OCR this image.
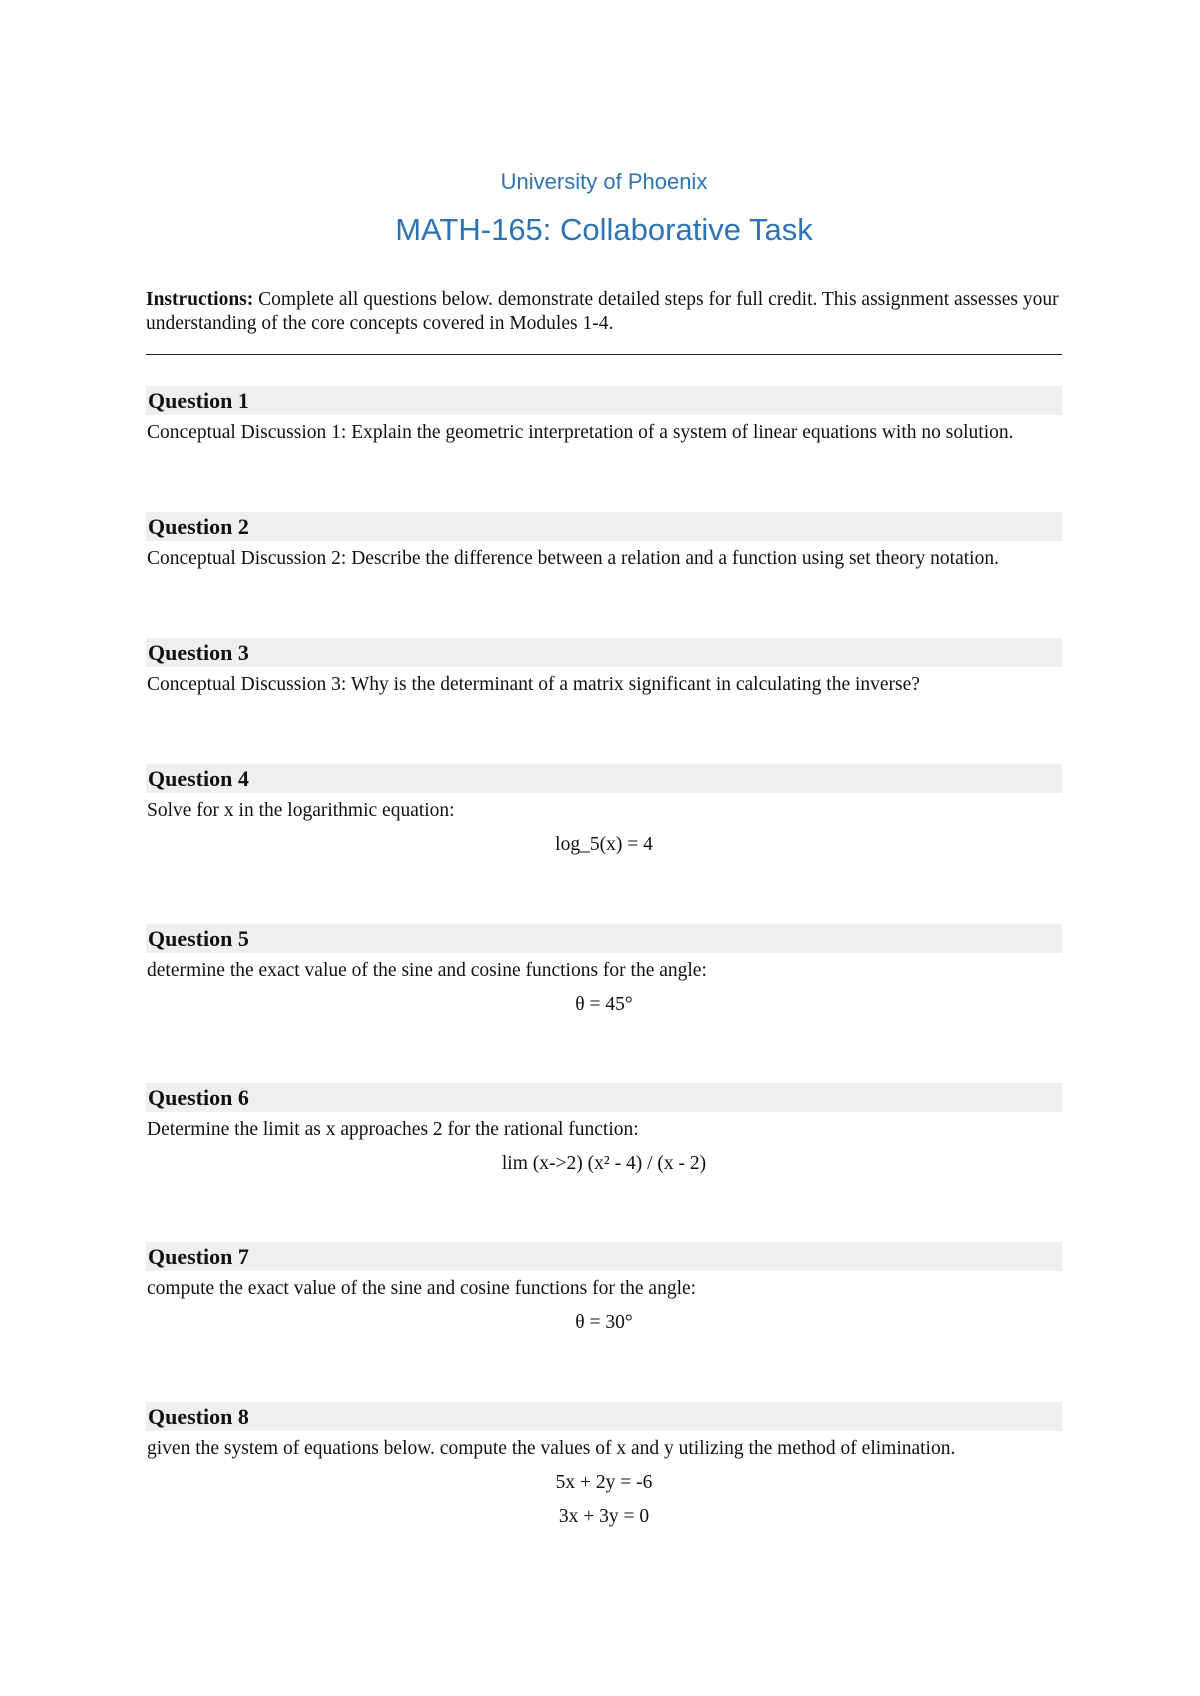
University of Phoenix
MATH-165: Collaborative Task
Instructions: Complete all questions below. demonstrate detailed steps for full credit. This assignment assesses your understanding of the core concepts covered in Modules 1-4.
Question 1
Conceptual Discussion 1: Explain the geometric interpretation of a system of linear equations with no solution.
Question 2
Conceptual Discussion 2: Describe the difference between a relation and a function using set theory notation.
Question 3
Conceptual Discussion 3: Why is the determinant of a matrix significant in calculating the inverse?
Question 4
Solve for x in the logarithmic equation:
log_5(x) = 4
Question 5
determine the exact value of the sine and cosine functions for the angle:
θ = 45°
Question 6
Determine the limit as x approaches 2 for the rational function:
lim (x->2) (x² - 4) / (x - 2)
Question 7
compute the exact value of the sine and cosine functions for the angle:
θ = 30°
Question 8
given the system of equations below. compute the values of x and y utilizing the method of elimination.
5x + 2y = -6
3x + 3y = 0
